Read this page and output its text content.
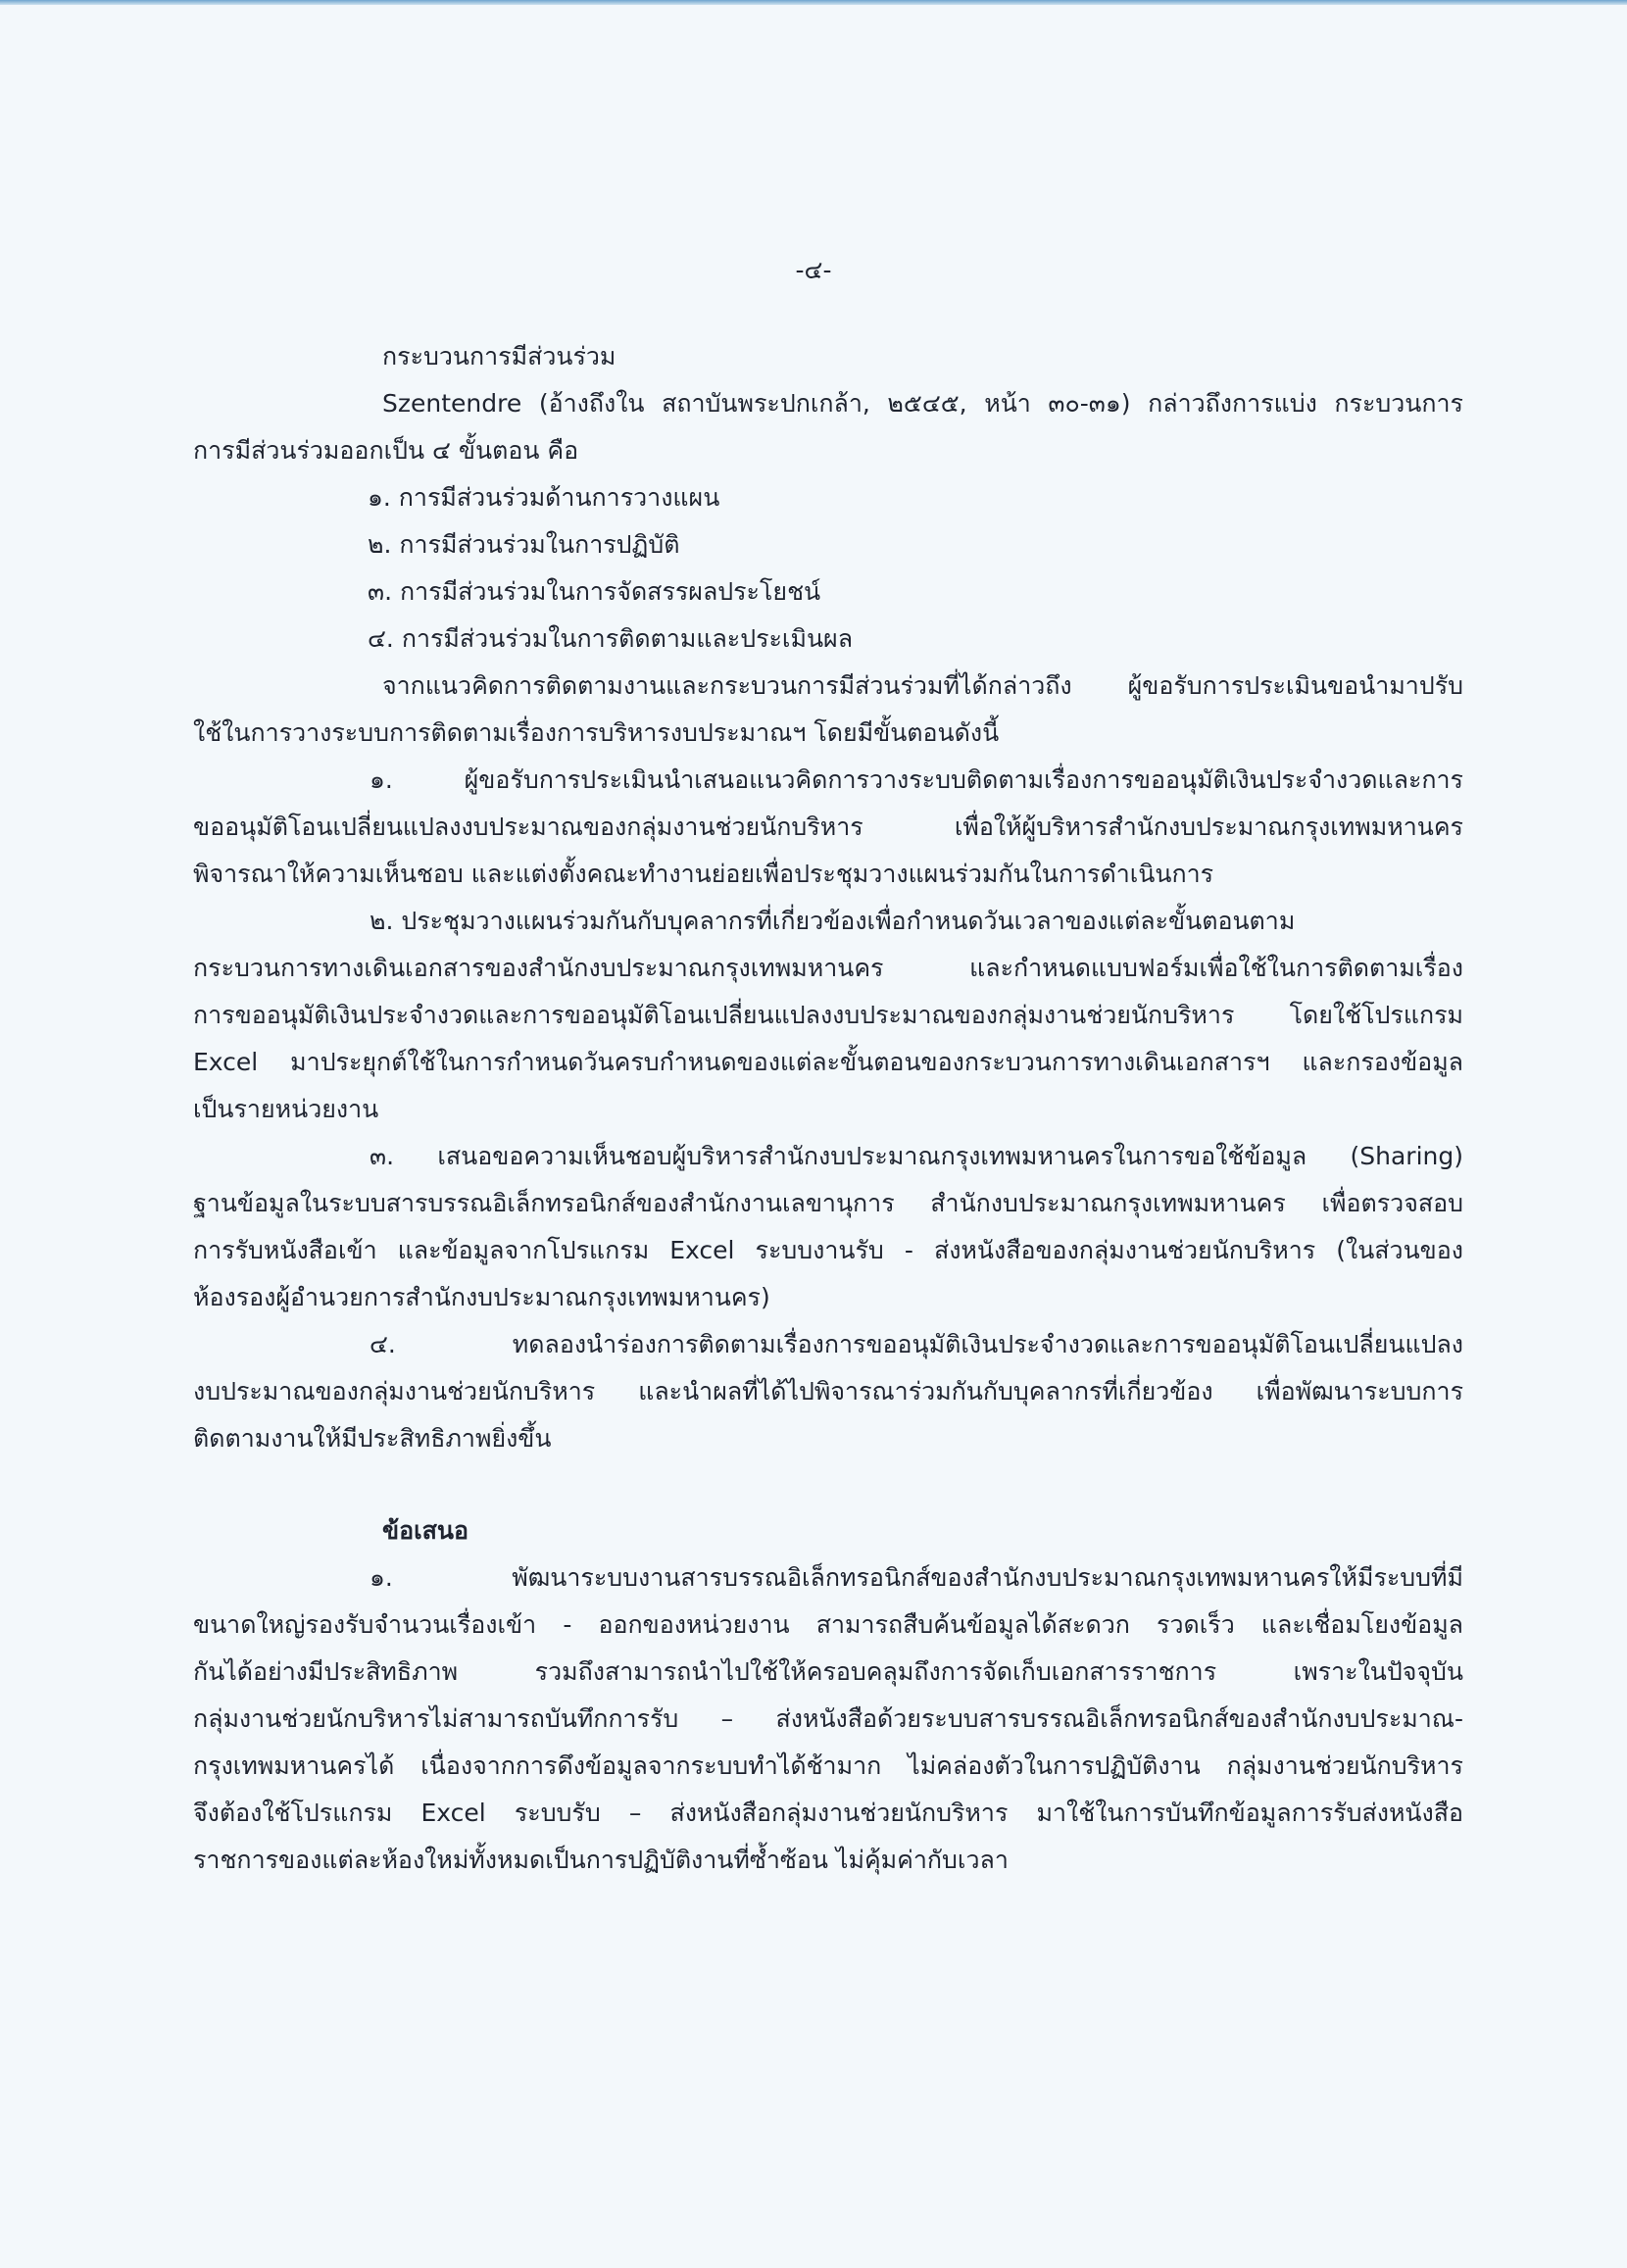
-๔-
กระบวนการมีส่วนร่วม
Szentendre (อ้างถึงใน สถาบันพระปกเกล้า, ๒๕๔๕, หน้า ๓๐-๓๑) กล่าวถึงการแบ่ง กระบวนการ
การมีส่วนร่วมออกเป็น ๔ ขั้นตอน คือ
๑. การมีส่วนร่วมด้านการวางแผน
๒. การมีส่วนร่วมในการปฏิบัติ
๓. การมีส่วนร่วมในการจัดสรรผลประโยชน์
๔. การมีส่วนร่วมในการติดตามและประเมินผล
จากแนวคิดการติดตามงานและกระบวนการมีส่วนร่วมที่ได้กล่าวถึง ผู้ขอรับการประเมินขอนำมาปรับ
ใช้ในการวางระบบการติดตามเรื่องการบริหารงบประมาณฯ โดยมีขั้นตอนดังนี้
๑. ผู้ขอรับการประเมินนำเสนอแนวคิดการวางระบบติดตามเรื่องการขออนุมัติเงินประจำงวดและการ
ขออนุมัติโอนเปลี่ยนแปลงงบประมาณของกลุ่มงานช่วยนักบริหาร เพื่อให้ผู้บริหารสำนักงบประมาณกรุงเทพมหานคร
พิจารณาให้ความเห็นชอบ และแต่งตั้งคณะทำงานย่อยเพื่อประชุมวางแผนร่วมกันในการดำเนินการ
๒. ประชุมวางแผนร่วมกันกับบุคลากรที่เกี่ยวข้องเพื่อกำหนดวันเวลาของแต่ละขั้นตอนตาม
กระบวนการทางเดินเอกสารของสำนักงบประมาณกรุงเทพมหานคร และกำหนดแบบฟอร์มเพื่อใช้ในการติดตามเรื่อง
การขออนุมัติเงินประจำงวดและการขออนุมัติโอนเปลี่ยนแปลงงบประมาณของกลุ่มงานช่วยนักบริหาร โดยใช้โปรแกรม
Excel มาประยุกต์ใช้ในการกำหนดวันครบกำหนดของแต่ละขั้นตอนของกระบวนการทางเดินเอกสารฯ และกรองข้อมูล
เป็นรายหน่วยงาน
๓. เสนอขอความเห็นชอบผู้บริหารสำนักงบประมาณกรุงเทพมหานครในการขอใช้ข้อมูล (Sharing)
ฐานข้อมูลในระบบสารบรรณอิเล็กทรอนิกส์ของสำนักงานเลขานุการ สำนักงบประมาณกรุงเทพมหานคร เพื่อตรวจสอบ
การรับหนังสือเข้า และข้อมูลจากโปรแกรม Excel ระบบงานรับ - ส่งหนังสือของกลุ่มงานช่วยนักบริหาร (ในส่วนของ
ห้องรองผู้อำนวยการสำนักงบประมาณกรุงเทพมหานคร)
๔. ทดลองนำร่องการติดตามเรื่องการขออนุมัติเงินประจำงวดและการขออนุมัติโอนเปลี่ยนแปลง
งบประมาณของกลุ่มงานช่วยนักบริหาร และนำผลที่ได้ไปพิจารณาร่วมกันกับบุคลากรที่เกี่ยวข้อง เพื่อพัฒนาระบบการ
ติดตามงานให้มีประสิทธิภาพยิ่งขึ้น
ข้อเสนอ
๑. พัฒนาระบบงานสารบรรณอิเล็กทรอนิกส์ของสำนักงบประมาณกรุงเทพมหานครให้มีระบบที่มี
ขนาดใหญ่รองรับจำนวนเรื่องเข้า - ออกของหน่วยงาน สามารถสืบค้นข้อมูลได้สะดวก รวดเร็ว และเชื่อมโยงข้อมูล
กันได้อย่างมีประสิทธิภาพ รวมถึงสามารถนำไปใช้ให้ครอบคลุมถึงการจัดเก็บเอกสารราชการ เพราะในปัจจุบัน
กลุ่มงานช่วยนักบริหารไม่สามารถบันทึกการรับ – ส่งหนังสือด้วยระบบสารบรรณอิเล็กทรอนิกส์ของสำนักงบประมาณ-
กรุงเทพมหานครได้ เนื่องจากการดึงข้อมูลจากระบบทำได้ช้ามาก ไม่คล่องตัวในการปฏิบัติงาน กลุ่มงานช่วยนักบริหาร
จึงต้องใช้โปรแกรม Excel ระบบรับ – ส่งหนังสือกลุ่มงานช่วยนักบริหาร มาใช้ในการบันทึกข้อมูลการรับส่งหนังสือ
ราชการของแต่ละห้องใหม่ทั้งหมดเป็นการปฏิบัติงานที่ซ้ำซ้อน ไม่คุ้มค่ากับเวลา
